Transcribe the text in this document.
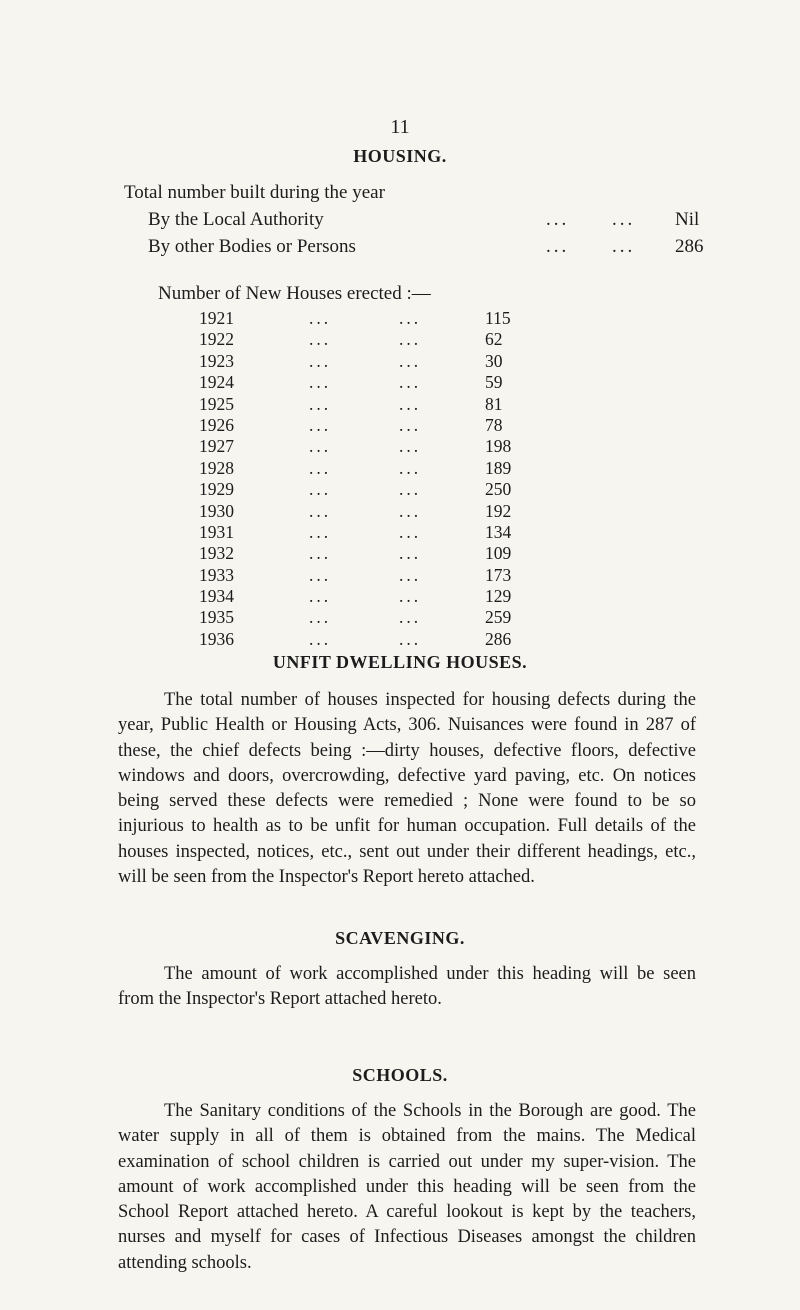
11
HOUSING.
Total number built during the year
By the Local Authority	... ... Nil
By other Bodies or Persons	... ... 286
Number of New Houses erected :—
1921	...	...	115
1922	...	...	62
1923	...	...	30
1924	...	...	59
1925	...	...	81
1926	...	...	78
1927	...	...	198
1928	...	...	189
1929	...	...	250
1930	...	...	192
1931	...	...	134
1932	...	...	109
1933	...	...	173
1934	...	...	129
1935	...	...	259
1936	...	...	286
UNFIT DWELLING HOUSES.
The total number of houses inspected for housing defects during the year, Public Health or Housing Acts, 306. Nuisances were found in 287 of these, the chief defects being :—dirty houses, defective floors, defective windows and doors, overcrowding, defective yard paving, etc. On notices being served these defects were remedied ; None were found to be so injurious to health as to be unfit for human occupation. Full details of the houses inspected, notices, etc., sent out under their different headings, etc., will be seen from the Inspector's Report hereto attached.
SCAVENGING.
The amount of work accomplished under this heading will be seen from the Inspector's Report attached hereto.
SCHOOLS.
The Sanitary conditions of the Schools in the Borough are good. The water supply in all of them is obtained from the mains. The Medical examination of school children is carried out under my super-vision. The amount of work accomplished under this heading will be seen from the School Report attached hereto. A careful lookout is kept by the teachers, nurses and myself for cases of Infectious Diseases amongst the children attending schools.
